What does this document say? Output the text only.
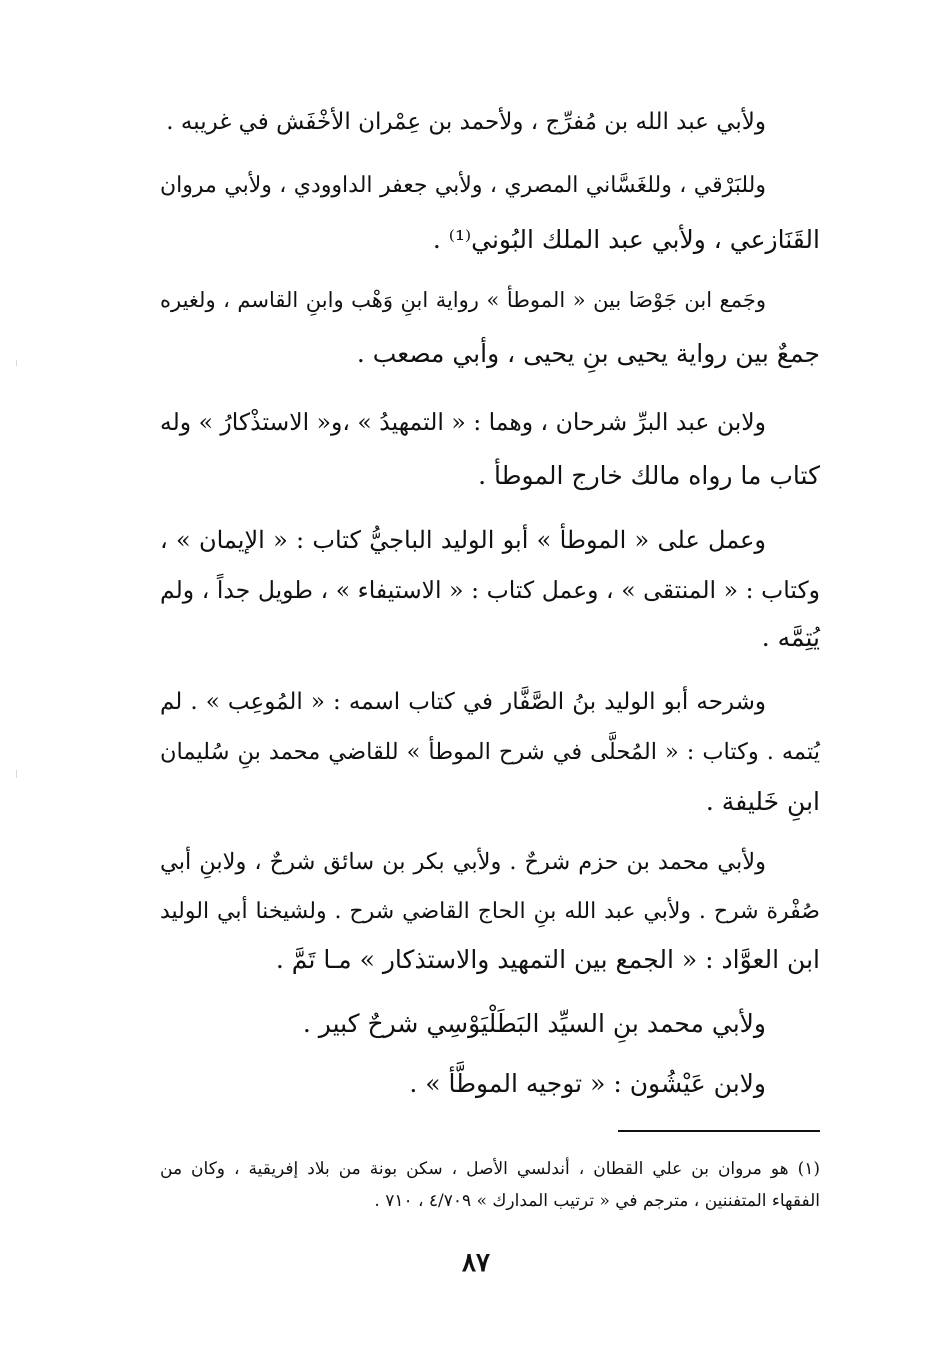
ولأبي عبد الله بن مُفرِّج ، ولأحمد بن عِمْران الأخْفَش في غريبه .
وللبَرْقي ، وللغَسَّاني المصري ، ولأبي جعفر الداوودي ، ولأبي مروان
القَنَازعي ، ولأبي عبد الملك البُوني⁽¹⁾ .
وجَمع ابن جَوْصَا بين « الموطأ » رواية ابنِ وَهْب وابنِ القاسم ، ولغيره
جمعٌ بين رواية يحيى بنِ يحيى ، وأبي مصعب .
ولابن عبد البرِّ شرحان ، وهما : « التمهيدُ » ،و« الاستذْكارُ » وله
كتاب ما رواه مالك خارج الموطأ .
وعمل على « الموطأ » أبو الوليد الباجيُّ كتاب : « الإيمان » ،
وكتاب : « المنتقى » ، وعمل كتاب : « الاستيفاء » ، طويل جداً ، ولم
يُتِمَّه .
وشرحه أبو الوليد بنُ الصَّفَّار في كتاب اسمه : « المُوعِب » . لم
يُتمه . وكتاب : « المُحلَّى في شرح الموطأ » للقاضي محمد بنِ سُليمان
ابنِ خَليفة .
ولأبي محمد بن حزم شرحٌ . ولأبي بكر بن سائق شرحٌ ، ولابنِ أبي
صُفْرة شرح . ولأبي عبد الله بنِ الحاج القاضي شرح . ولشيخنا أبي الوليد
ابن العوَّاد : « الجمع بين التمهيد والاستذكار » مـا تَمَّ .
ولأبي محمد بنِ السيِّد البَطَلْيَوْسِي شرحٌ كبير .
ولابن عَيْشُون : « توجيه الموطَّأ » .
(١) هو مروان بن علي القطان ، أندلسي الأصل ، سكن بونة من بلاد إفريقية ، وكان من
الفقهاء المتفننين ، مترجم في « ترتيب المدارك » ٤/٧٠٩ ، ٧١٠ .
٨٧
